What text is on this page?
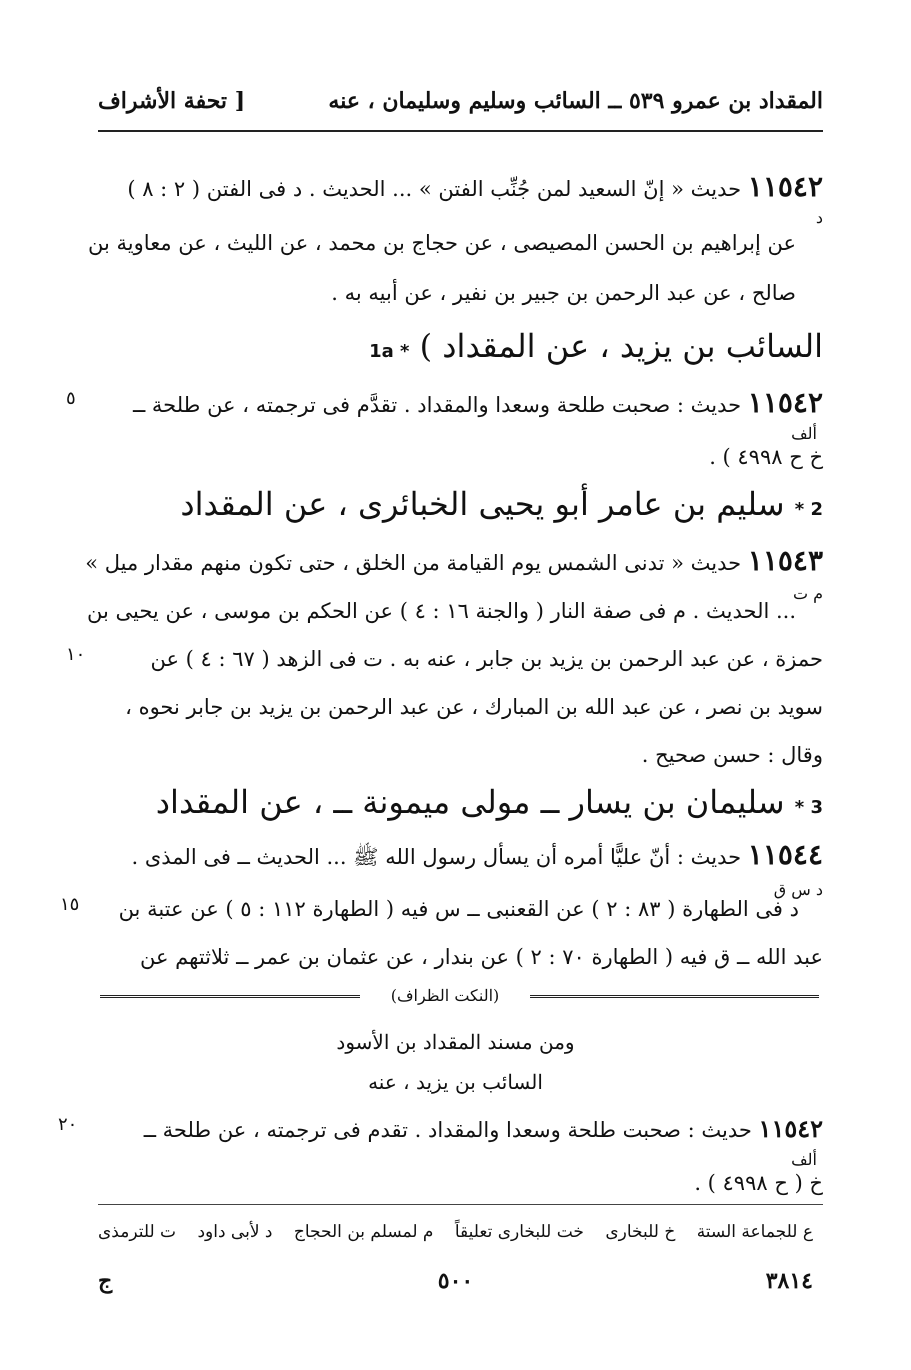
المقداد بن عمرو ٥٣٩ ــ السائب وسليم وسليمان ، عنه
[ تحفة الأشراف
١١٥٤٢ حديث « إنّ السعيد لمن جُنِّب الفتن » ... الحديث . د فى الفتن ( ٢ : ٨ )
د
عن إبراهيم بن الحسن المصيصى ، عن حجاج بن محمد ، عن الليث ، عن معاوية بن
صالح ، عن عبد الرحمن بن جبير بن نفير ، عن أبيه به .
1a * ( السائب بن يزيد ، عن المقداد
١١٥٤٢ حديث : صحبت طلحة وسعدا والمقداد . تقدَّم فى ترجمته ، عن طلحة ــ
٥
ألف
خ ح ٤٩٩٨ ) .
2 * سليم بن عامر أبو يحيى الخبائرى ، عن المقداد
١١٥٤٣ حديث « تدنى الشمس يوم القيامة من الخلق ، حتى تكون منهم مقدار ميل »
م ت
... الحديث . م فى صفة النار ( والجنة ١٦ : ٤ ) عن الحكم بن موسى ، عن يحيى بن
حمزة ، عن عبد الرحمن بن يزيد بن جابر ، عنه به . ت فى الزهد ( ٦٧ : ٤ ) عن
١٠
سويد بن نصر ، عن عبد الله بن المبارك ، عن عبد الرحمن بن يزيد بن جابر نحوه ،
وقال : حسن صحيح .
3 * سليمان بن يسار ــ مولى ميمونة ــ ، عن المقداد
١١٥٤٤ حديث : أنّ عليًّا أمره أن يسأل رسول الله ﷺ ... الحديث ــ فى المذى .
د س ق
د فى الطهارة ( ٨٣ : ٢ ) عن القعنبى ــ س فيه ( الطهارة ١١٢ : ٥ ) عن عتبة بن
١٥
عبد الله ــ ق فيه ( الطهارة ٧٠ : ٢ ) عن بندار ، عن عثمان بن عمر ــ ثلاثتهم عن
(النكت الظراف)
ومن مسند المقداد بن الأسود
السائب بن يزيد ، عنه
١١٥٤٢ حديث : صحبت طلحة وسعدا والمقداد . تقدم فى ترجمته ، عن طلحة ــ
٢٠
ألف
خ ( ح ٤٩٩٨ ) .
ع للجماعة الستة
خ للبخارى
خت للبخارى تعليقاً
م لمسلم بن الحجاج
د لأبى داود
ت للترمذى
ج	٥٠٠	٣٨١٤
